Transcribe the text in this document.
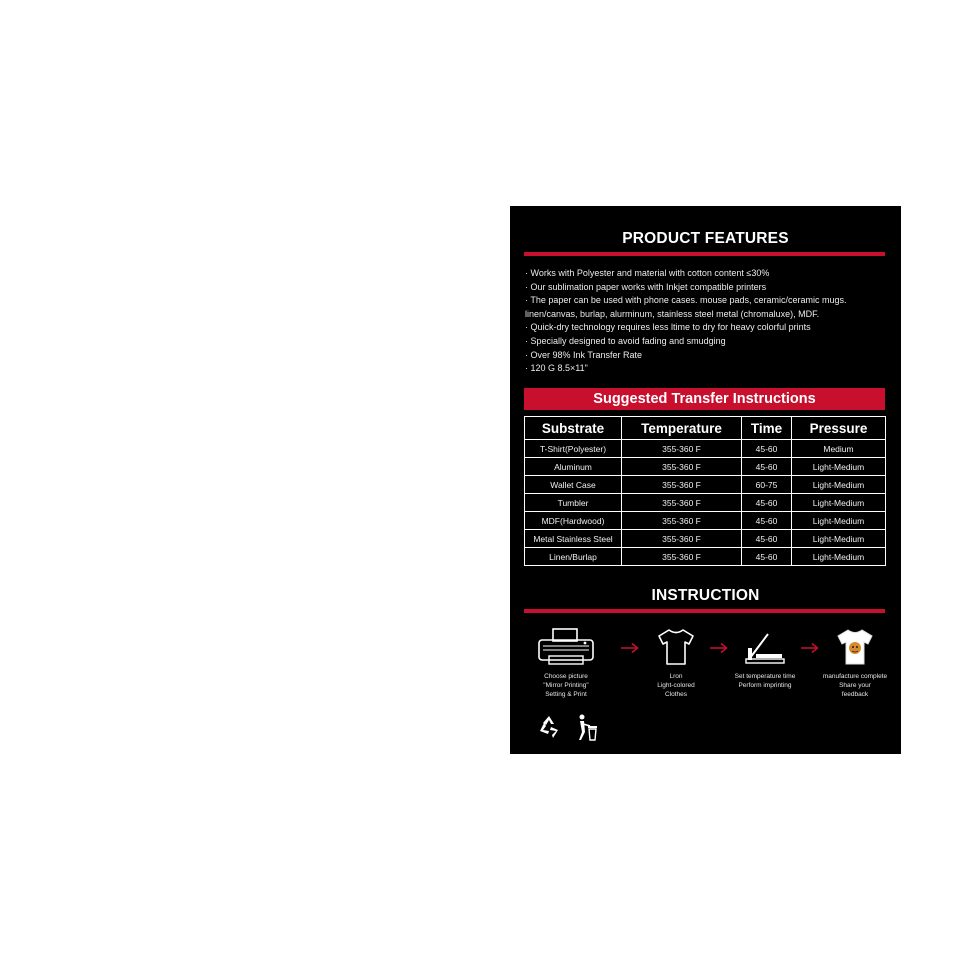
PRODUCT FEATURES
· Works with Polyester and material with cotton content ≤30%
· Our sublimation paper works with Inkjet compatible printers
· The paper can be used with phone cases. mouse pads, ceramic/ceramic mugs. linen/canvas, burlap, alurminum, stainless steel metal (chromaluxe), MDF.
· Quick-dry technology requires less ltime to dry for heavy colorful prints
· Specially designed to avoid fading and smudging
· Over 98% Ink Transfer Rate
· 120 G 8.5×11"
Suggested Transfer Instructions
Substrate	Temperature	Time	Pressure
T-Shirt(Polyester)	355-360 F	45-60	Medium
Aluminum	355-360 F	45-60	Light-Medium
Wallet Case	355-360 F	60-75	Light-Medium
Tumbler	355-360 F	45-60	Light-Medium
MDF(Hardwood)	355-360 F	45-60	Light-Medium
Metal Stainless Steel	355-360 F	45-60	Light-Medium
Linen/Burlap	355-360 F	45-60	Light-Medium
INSTRUCTION
Choose picture
"Mirror Printing"
Setting & Print
Lron
Light-colored
Clothes
Set temperature time
Perform imprinting
manufacture complete
Share your
feedback
